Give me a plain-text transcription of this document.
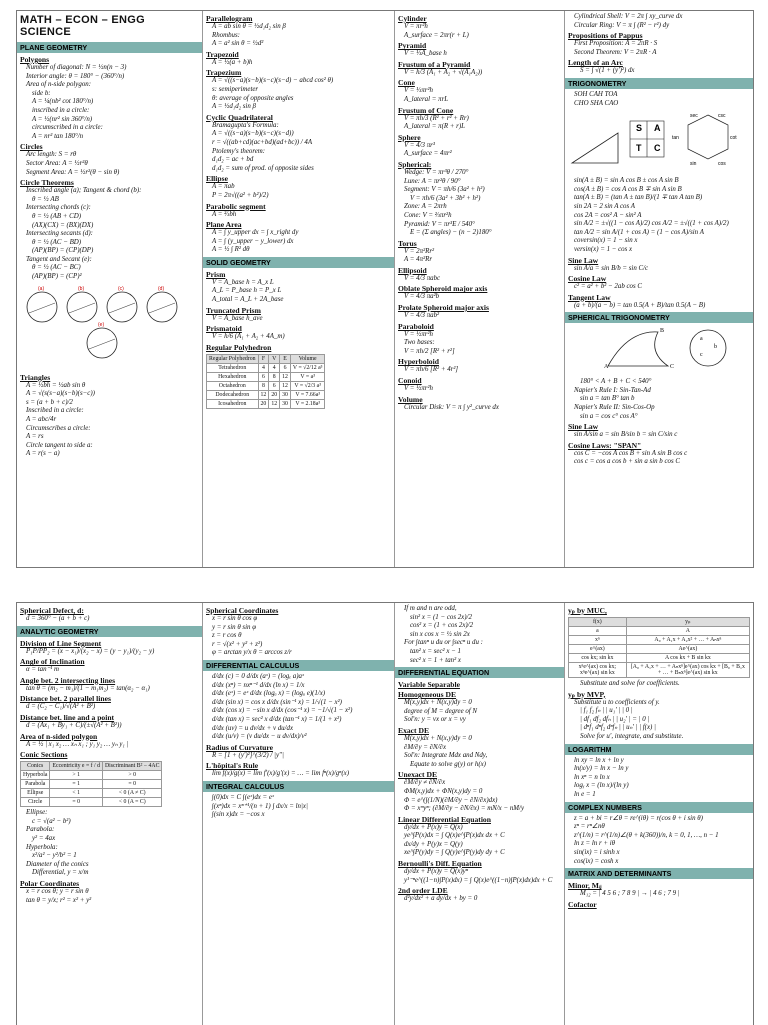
MATH – ECON – ENGG SCIENCE
PLANE GEOMETRY
Polygons
Number of diagonal: N = ½n(n − 3)
Interior angle: θ = 180° − (360°/n)
Area of n-side polygon:
side b:
A = ¼(nb² cot 180°/n)
inscribed in a circle:
A = ½(nr² sin 360°/n)
circumscribed in a circle:
A = nr² tan 180°/n
Circles
Arc length: S = rθ
Sector Area: A = ½r²θ
Segment Area: A = ½r²(θ − sin θ)
Circle Theorems
Inscribed angle (a); Tangent & chord (b):
θ = ½ AB
Intersecting chords (c):
θ = ½ (AB + CD)
(AX)(CX) = (BX)(DX)
Intersecting secants (d):
θ = ½ (AC − BD)
(AP)(BP) = (CP)(DP)
Tangent and Secant (e):
θ = ½ (AC − BC)
(AP)(BP) = (CP)²
(a)	(b)	(c)	(d)
(e)
Triangles
A = ½bh = ½ab sin θ
A = √(s(s−a)(s−b)(s−c))
s = (a + b + c)/2
Inscribed in a circle:
A = abc/4r
Circumscribes a circle:
A = rs
Circle tangent to side a:
A = r(s − a)
Parallelogram
A = ab sin θ = ½d₁d₂ sin β
Rhombus:
A = a² sin θ = ½d²
Trapezoid
A = ½(a + b)h
Trapezium
A = √((s−a)(s−b)(s−c)(s−d) − abcd cos² θ)
s: semiperimeter
θ: average of opposite angles
A = ½d₁d₂ sin β
Cyclic Quadrilateral
Bramagupta's Formula:
A = √((s−a)(s−b)(s−c)(s−d))
r = √((ab+cd)(ac+bd)(ad+bc)) / 4A
Ptolemy's theorem:
d₁d₂ = ac + bd
d₁d₂ = sum of prod. of opposite sides
Ellipse
A = πab
P = 2π√((a² + b²)/2)
Parabolic segment
A = ⅔bh
Plane Area
A = ∫ y_upper dx = ∫ x_right dy
A = ∫ (y_upper − y_lower) dx
A = ½ ∫ R² dθ
SOLID GEOMETRY
Prism
V = A_base h = A_x L
A_L = P_base h = P_x L
A_total = A_L + 2A_base
Truncated Prism
V = A_base h_ave
Prismatoid
V = h/6 (A₁ + A₂ + 4A_m)
Regular Polyhedron
Regular Polyhedron	F	V	E	Volume
Tetrahedron	4	4	6	V = √2/12 a³
Hexahedron	6	8	12	V = a³
Octahedron	8	6	12	V = √2/3 a³
Dodecahedron	12	20	30	V = 7.66a³
Icosahedron	20	12	30	V = 2.18a³
Cylinder
V = πr²h
A_surface = 2πr(r + L)
Pyramid
V = ⅓A_base h
Frustum of a Pyramid
V = h/3 (A₁ + A₂ + √(A₁A₂))
Cone
V = ⅓πr²h
A_lateral = πrL
Frustum of Cone
V = πh/3 (R² + r² + Rr)
A_lateral = π(R + r)L
Sphere
V = 4/3 πr³
A_surface = 4πr²
Spherical:
Wedge: V = πr³θ / 270°
Lune: A = πr²θ / 90°
Segment: V = πh/6 (3a² + h²)
V = πh/6 (3a² + 3b² + h²)
Zone: A = 2πrh
Cone: V = ⅔πr²h
Pyramid: V = πr³E / 540°
E = (Σ angles) − (n − 2)180°
Torus
V = 2π²Rr²
A = 4π²Rr
Ellipsoid
V = 4/3 πabc
Oblate Spheroid major axis
V = 4/3 πa²b
Prolate Spheroid major axis
V = 4/3 πab²
Paraboloid
V = ½πr²h
Two bases:
V = πh/2 [R² + r²]
Hyperboloid
V = πh/6 [R² + 4r²]
Conoid
V = ½πr²h
Volume
Circular Disk: V = π ∫ y²_curve dx
Cylindrical Shell: V = 2π ∫ xy_curve dx
Circular Ring: V = π ∫ (R² − r²) dy
Propositions of Pappus
First Proposition: A = 2πR · S
Second Theorem: V = 2πR · A
Length of an Arc
S = ∫ √(1 + (y')²) dx
TRIGONOMETRY
SOH CAH TOA
CHO SHA CAO
S A
T C
sec	csc
tan	cot
sin	cos
sin(A ± B) = sin A cos B ± cos A sin B
cos(A ± B) = cos A cos B ∓ sin A sin B
tan(A ± B) = (tan A ± tan B)/(1 ∓ tan A tan B)
sin 2A = 2 sin A cos A
cos 2A = cos² A − sin² A
sin A/2 = ±√((1 − cos A)/2) cos A/2 = ±√((1 + cos A)/2)
tan A/2 = sin A/(1 + cos A) = (1 − cos A)/sin A
coversin(x) = 1 − sin x
versin(x) = 1 − cos x
Sine Law
sin A/a = sin B/b = sin C/c
Cosine Law
c² = a² + b² − 2ab cos C
Tangent Law
(a + b)/(a − b) = tan 0.5(A + B)/tan 0.5(A − B)
SPHERICAL TRIGONOMETRY
A
B
C
a
b
c
180° < A + B + C < 540°
Napier's Rule I: Sin-Tan-Ad
sin a = tan B° tan b
Napier's Rule II: Sin-Cos-Op
sin a = cos c° cos A°
Sine Law
sin A/sin a = sin B/sin b = sin C/sin c
Cosine Laws: "SPAN"
cos C = −cos A cos B + sin A sin B cos c
cos c = cos a cos b + sin a sin b cos C
Spherical Defect, d:
d = 360° − (a + b + c)
ANALYTIC GEOMETRY
Division of Line Segment
P₁P/PP₂ = (x − x₁)/(x₂ − x) = (y − y₁)/(y₂ − y)
Angle of Inclination
α = tan⁻¹ m
Angle bet. 2 intersecting lines
tan θ = (m₂ − m₁)/(1 − m₁m₂) = tan(α₂ − α₁)
Distance bet. 2 parallel lines
d = (C₂ − C₁)/√(A² + B²)
Distance bet. line and a point
d = (Ax₁ + By₁ + C)/(±√(A² + B²))
Area of n-sided polygon
A = ½ | x₁ x₂ … xₙ x₁ ; y₁ y₂ … yₙ y₁ |
Conic Sections
Conics	Eccentricity e = f / d	Discriminant B² − 4AC
Hyperbola	> 1	> 0
Parabola	= 1	= 0
Ellipse	< 1	< 0 (A ≠ C)
Circle	= 0	< 0 (A = C)
Ellipse:
c = √(a² − b²)
Parabola:
y² = 4ax
Hyperbola:
x²/a² − y²/b² = 1
Diameter of the conics
Differential, y = x/m
Polar Coordinates
x = r cos θ; y = r sin θ
tan θ = y/x; r² = x² + y²
Spherical Coordinates
x = r sin θ cos φ
y = r sin θ sin φ
z = r cos θ
r = √(x² + y² + z²)
φ = arctan y/x θ = arccos z/r
DIFFERENTIAL CALCULUS
d/dx (c) = 0 d/dx (aˣ) = (logₑ a)aˣ
d/dx (xⁿ) = nxⁿ⁻¹ d/dx (ln x) = 1/x
d/dx (eˣ) = eˣ d/dx (logₐ x) = (logₐ e)(1/x)
d/dx (sin x) = cos x d/dx (sin⁻¹ x) = 1/√(1 − x²)
d/dx (cos x) = −sin x d/dx (cos⁻¹ x) = −1/√(1 − x²)
d/dx (tan x) = sec² x d/dx (tan⁻¹ x) = 1/(1 + x²)
d/dx (uv) = u dv/dx + v du/dx
d/dx (u/v) = (v du/dx − u dv/dx)/v²
Radius of Curvature
R = [1 + (y')²]^(3/2) / |y''|
L'hôpital's Rule
lim f(x)/g(x) = lim f'(x)/g'(x) = … = lim fⁿ(x)/gⁿ(x)
INTEGRAL CALCULUS
∫(0)dx = C ∫(eˣ)dx = eˣ
∫(xⁿ)dx = xⁿ⁺¹/(n + 1) ∫ dx/x = ln|x|
∫(sin x)dx = −cos x
If m and n are odd,
sin² x = (1 − cos 2x)/2
cos² x = (1 + cos 2x)/2
sin x cos x = ½ sin 2x
For ∫tanⁿ u du or ∫secⁿ u du :
tan² x = sec² x − 1
sec² x = 1 + tan² x
DIFFERENTIAL EQUATION
Variable Separable
Homogeneous DE
M(x,y)dx + N(x,y)dy = 0
degree of M = degree of N
Sol'n: y = vx or x = vy
Exact DE
M(x,y)dx + N(x,y)dy = 0
∂M/∂y = ∂N/∂x
Sol'n: Integrate Mdx and Ndy,
Equate to solve g(y) or h(x)
Unexact DE
∂M/∂y ≠ ∂N/∂x
ΦM(x,y)dx + ΦN(x,y)dy = 0
Φ = e^(∫(1/N)(∂M/∂y − ∂N/∂x)dx)
Φ = xᵐyⁿ; (∂M/∂y − ∂N/∂x) = mN/x − nM/y
Linear Differential Equation
dy/dx + P(x)y = Q(x)
ye^∫P(x)dx = ∫ Q(x)e^∫P(x)dx dx + C
dx/dy + P(y)x = Q(y)
xe^∫P(y)dy = ∫ Q(y)e^∫P(y)dy dy + C
Bernoulli's Diff. Equation
dy/dx + P(x)y = Q(x)yⁿ
y¹⁻ⁿe^((1−n)∫P(x)dx) = ∫ Q(x)e^((1−n)∫P(x)dx)dx + C
2nd order LDE
d²y/dx² + a dy/dx + by = 0
yₚ by MUC,
f(x)	yₚ
a	A
xⁿ	A₀ + A₁x + A₂x² + … + Aₙxⁿ
e^(ax)	Ae^(ax)
cos kx; sin kx	A cos kx + B sin kx
xⁿe^(ax) cos kx; xⁿe^(ax) sin kx	[A₀ + A₁x + … + Aₙxⁿ]e^(ax) cos kx + [B₀ + B₁x + … + Bₙxⁿ]e^(ax) sin kx
Substitute and solve for coefficients.
yₚ by MVP,
Substitute u to coefficients of y.
| f₁ f₂ fₙ | | u₁' | | 0 |
| df₁ df₂ dfₙ | | u₂' | = | 0 |
| dⁿf₁ dⁿf₂ dⁿfₙ | | uₙ' | | f(x) |
Solve for u', integrate, and substitute.
LOGARITHM
ln xy = ln x + ln y
ln(x/y) = ln x − ln y
ln xⁿ = n ln x
logᵧ x = (ln x)/(ln y)
ln e = 1
COMPLEX NUMBERS
z = a + bi = r∠θ = re^(iθ) = r(cos θ + i sin θ)
zⁿ = rⁿ∠nθ
z^(1/n) = r^(1/n)∠(θ + k(360))/n, k = 0, 1, …, n − 1
ln z = ln r + iθ
sin(ix) = i sinh x
cos(ix) = cosh x
MATRIX AND DETERMINANTS
Minor, Mᵢⱼ
M₁₂ = | 4 5 6 ; 7 8 9 | → | 4 6 ; 7 9 |
Cofactor
